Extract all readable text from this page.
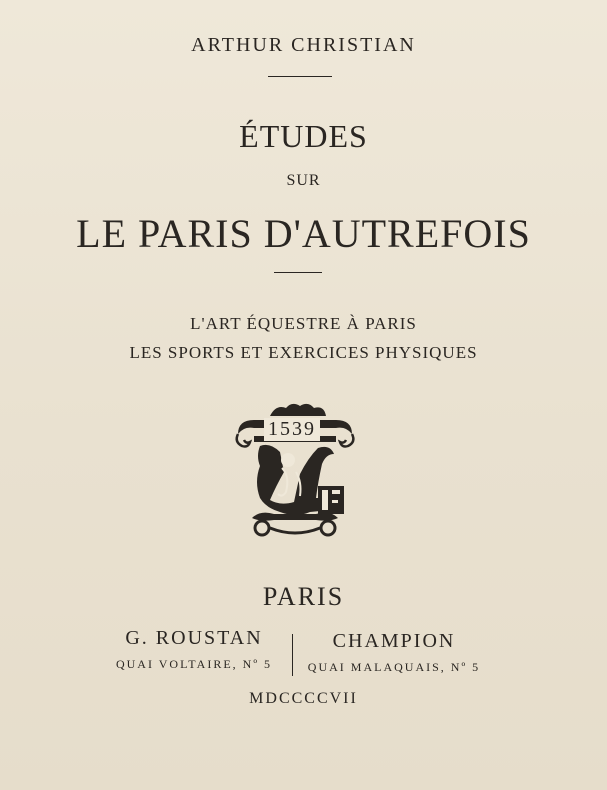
ARTHUR CHRISTIAN
ÉTUDES
SUR
LE PARIS D'AUTREFOIS
L'ART ÉQUESTRE À PARIS
LES SPORTS ET EXERCICES PHYSIQUES
1539
PARIS
G. ROUSTAN
QUAI VOLTAIRE, Nº 5
CHAMPION
QUAI MALAQUAIS, Nº 5
MDCCCCVII
